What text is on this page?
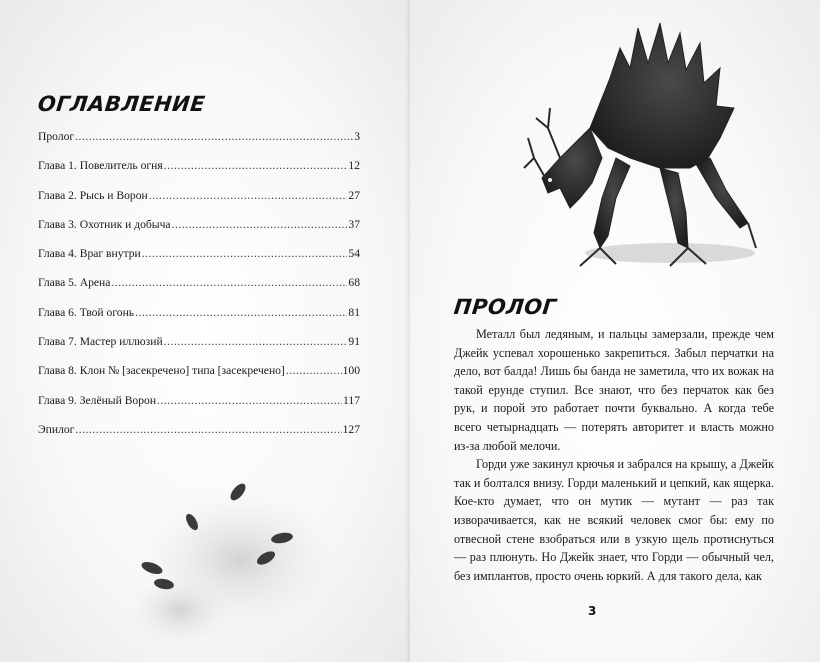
ОГЛАВЛЕНИЕ
Пролог .....	3
Глава 1. Повелитель огня .....	12
Глава 2. Рысь и Ворон .....	27
Глава 3. Охотник и добыча .....	37
Глава 4. Враг внутри .....	54
Глава 5. Арена .....	68
Глава 6. Твой огонь .....	81
Глава 7. Мастер иллюзий .....	91
Глава 8. Клон № [засекречено] типа [засекречено] .....	100
Глава 9. Зелёный Ворон .....	117
Эпилог .....	127
ПРОЛОГ

Металл был ледяным, и пальцы замерзали, прежде чем Джейк успевал хорошенько закрепиться. Забыл перчатки на дело, вот балда! Лишь бы банда не заметила, что их вожак на такой ерунде ступил. Все знают, что без перчаток как без рук, и порой это работает почти буквально. А когда тебе всего четырнадцать — потерять авторитет и власть можно из-за любой мелочи.

Горди уже закинул крючья и забрался на крышу, а Джейк так и болтался внизу. Горди маленький и цепкий, как ящерка. Кое-кто думает, что он мутик — мутант — раз так изворачивается, как не всякий человек смог бы: ему по отвесной стене взобраться или в узкую щель протиснуться — раз плюнуть. Но Джейк знает, что Горди — обычный чел, без имплантов, просто очень юркий. А для такого дела, как

3
